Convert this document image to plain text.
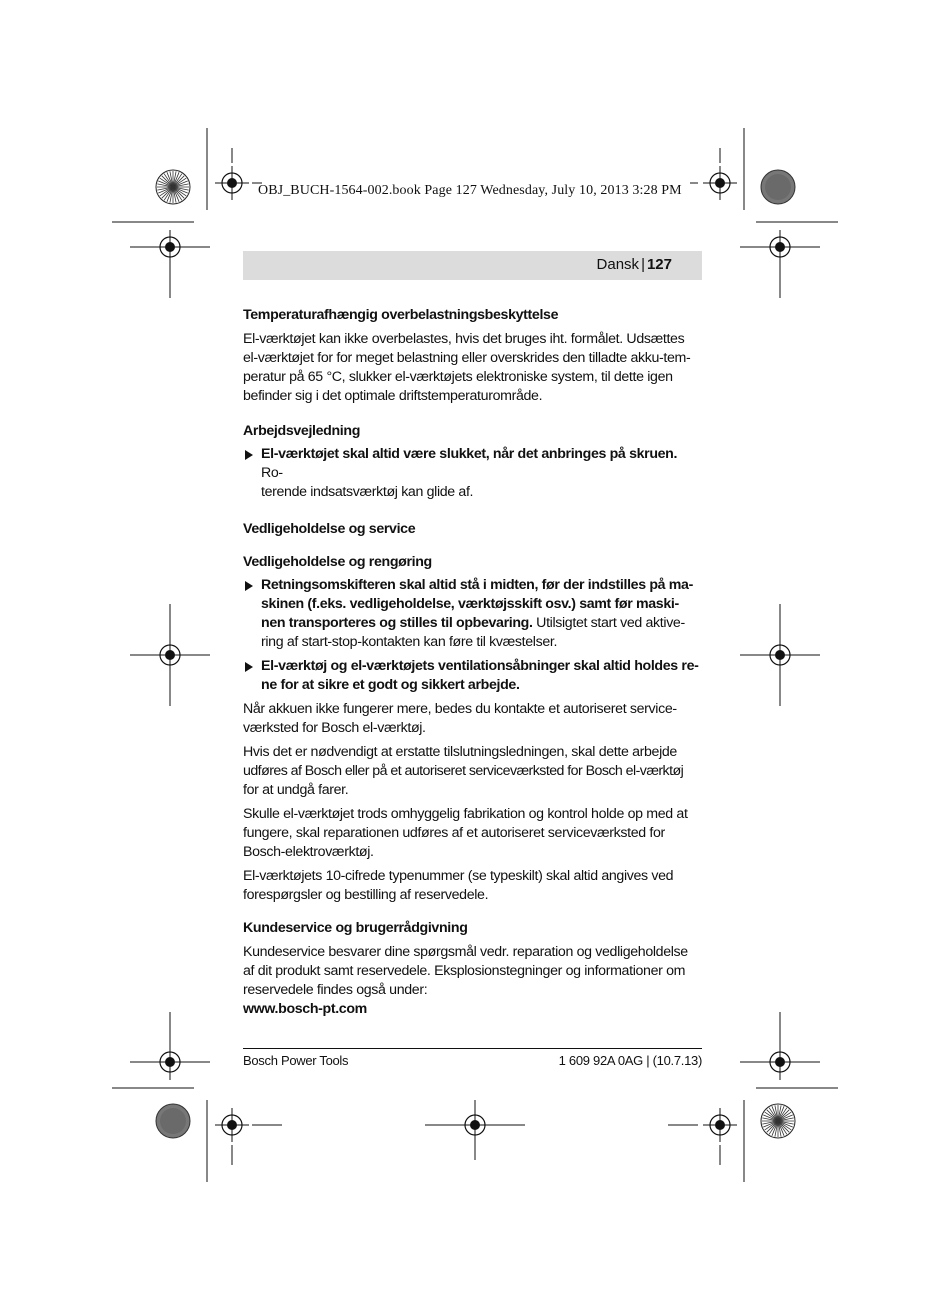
OBJ_BUCH-1564-002.book Page 127 Wednesday, July 10, 2013 3:28 PM
Dansk | 127

Temperaturafhængig overbelastningsbeskyttelse

El-værktøjet kan ikke overbelastes, hvis det bruges iht. formålet. Udsættes

el-værktøjet for for meget belastning eller overskrides den tilladte akku-tem-

peratur på 65 °C, slukker el-værktøjets elektroniske system, til dette igen

befinder sig i det optimale driftstemperaturområde.

Arbejdsvejledning

El-værktøjet skal altid være slukket, når det anbringes på skruen. Ro-
terende indsatsværktøj kan glide af.

Vedligeholdelse og service

Vedligeholdelse og rengøring

Retningsomskifteren skal altid stå i midten, før der indstilles på ma-
skinen (f.eks. vedligeholdelse, værktøjsskift osv.) samt før maski-
nen transporteres og stilles til opbevaring. Utilsigtet start ved aktive-
ring af start-stop-kontakten kan føre til kvæstelser.
El-værktøj og el-værktøjets ventilationsåbninger skal altid holdes re-
ne for at sikre et godt og sikkert arbejde.

Når akkuen ikke fungerer mere, bedes du kontakte et autoriseret service-

værksted for Bosch el-værktøj.

Hvis det er nødvendigt at erstatte tilslutningsledningen, skal dette arbejde

udføres af Bosch eller på et autoriseret serviceværksted for Bosch el-værktøj

for at undgå farer.

Skulle el-værktøjet trods omhyggelig fabrikation og kontrol holde op med at

fungere, skal reparationen udføres af et autoriseret serviceværksted for

Bosch-elektroværktøj.

El-værktøjets 10-cifrede typenummer (se typeskilt) skal altid angives ved

forespørgsler og bestilling af reservedele.

Kundeservice og brugerrådgivning

Kundeservice besvarer dine spørgsmål vedr. reparation og vedligeholdelse

af dit produkt samt reservedele. Eksplosionstegninger og informationer om

reservedele findes også under:

www.bosch-pt.com

Bosch Power Tools	1 609 92A 0AG | (10.7.13)
